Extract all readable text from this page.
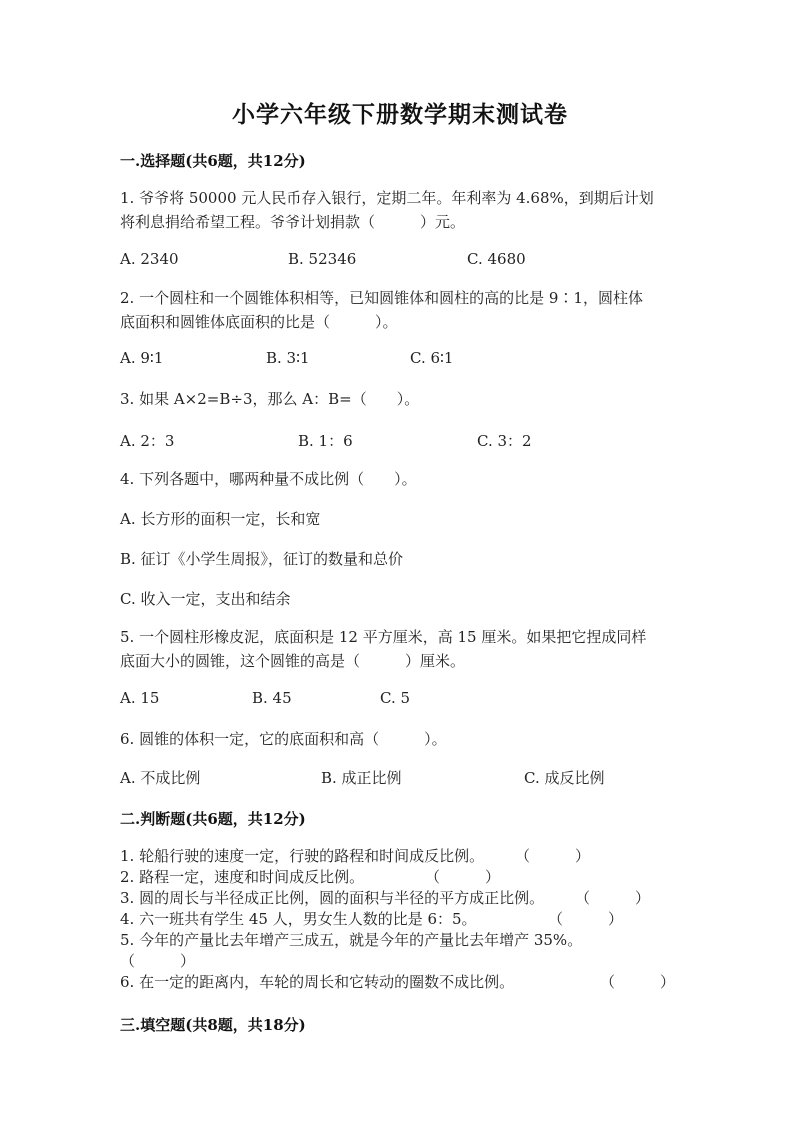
小学六年级下册数学期末测试卷
一.选择题(共6题，共12分)
1. 爷爷将 50000 元人民币存入银行，定期二年。年利率为 4.68%，到期后计划
将利息捐给希望工程。爷爷计划捐款（　　　）元。
A. 2340	B. 52346	C. 4680
2. 一个圆柱和一个圆锥体积相等，已知圆锥体和圆柱的高的比是 9∶1，圆柱体
底面积和圆锥体底面积的比是（　　　）。
A. 9∶1	B. 3∶1	C. 6∶1
3. 如果 A×2=B÷3，那么 A：B=（　　）。
A. 2：3	B. 1：6	C. 3：2
4. 下列各题中，哪两种量不成比例（　　）。
A. 长方形的面积一定，长和宽
B. 征订《小学生周报》，征订的数量和总价
C. 收入一定，支出和结余
5. 一个圆柱形橡皮泥，底面积是 12 平方厘米，高 15 厘米。如果把它捏成同样
底面大小的圆锥，这个圆锥的高是（　　　）厘米。
A. 15	B. 45	C. 5
6. 圆锥的体积一定，它的底面积和高（　　　）。
A. 不成比例	B. 成正比例	C. 成反比例
二.判断题(共6题，共12分)
1. 轮船行驶的速度一定，行驶的路程和时间成反比例。 （　　　）
2. 路程一定，速度和时间成反比例。	（　　　）
3. 圆的周长与半径成正比例，圆的面积与半径的平方成正比例。 （　　　）
4. 六一班共有学生 45 人，男女生人数的比是 6：5。	（　　　）
5. 今年的产量比去年增产三成五，就是今年的产量比去年增产 35%。
（　　　）
6. 在一定的距离内，车轮的周长和它转动的圈数不成比例。	（　　　）
三.填空题(共8题，共18分)
